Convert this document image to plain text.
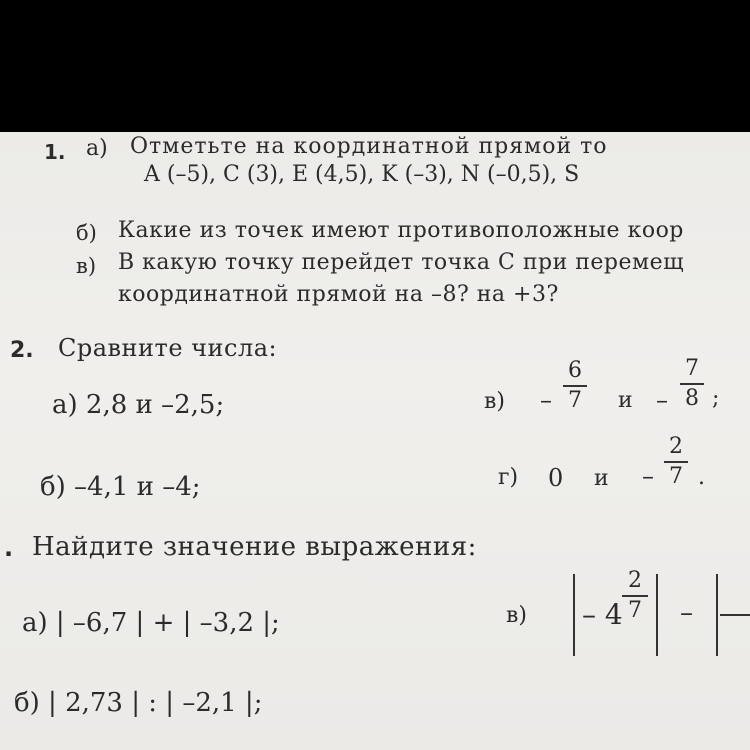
1. а) Отметьте на координатной прямой то
A (–5), C (3), E (4,5), K (–3), N (–0,5), S
б) Какие из точек имеют противоположные коор
в) В какую точку перейдет точка C при перемещ
координатной прямой на –8? на +3?
2. Сравните числа:
а) 2,8 и –2,5;
б) –4,1 и –4;
в) –
6
7 и –
7
8 ;
г) 0 и –
2
7 .
. Найдите значение выражения:
а) | –6,7 | + | –3,2 |;
б) | 2,73 | : | –2,1 |;
в) – 4
2
7 –
